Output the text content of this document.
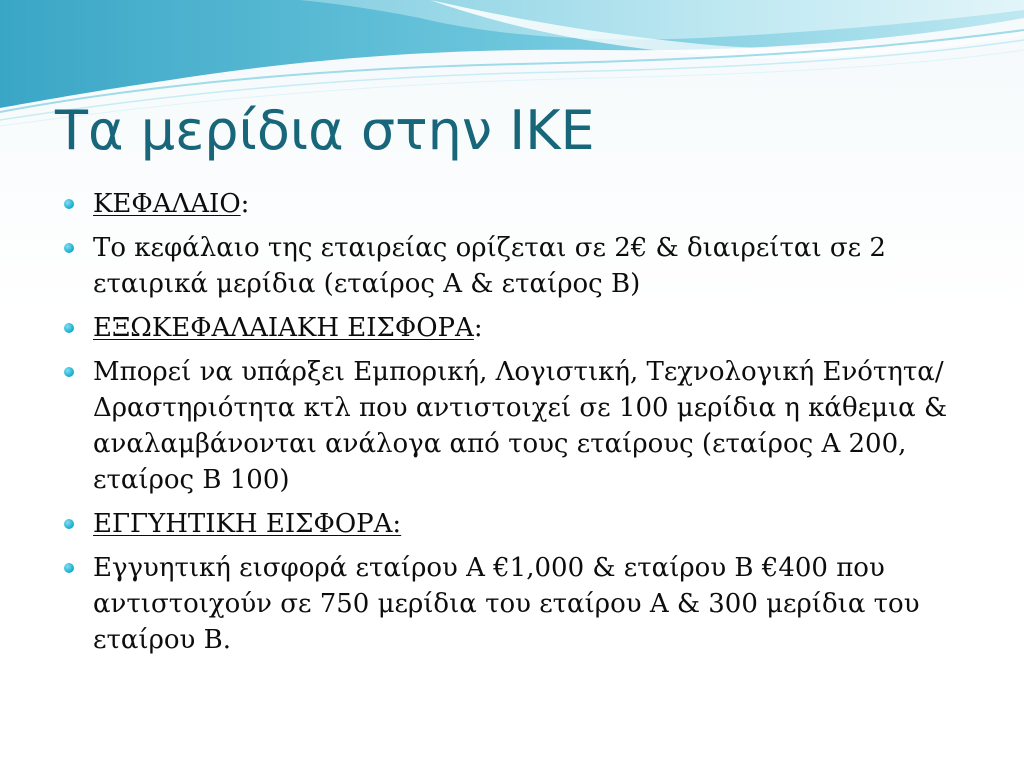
Τα μερίδια στην ΙΚΕ
ΚΕΦΑΛΑΙΟ:
Το κεφάλαιο της εταιρείας ορίζεται σε 2€ & διαιρείται σε 2 εταιρικά μερίδια (εταίρος Α & εταίρος Β)
ΕΞΩΚΕΦΑΛΑΙΑΚΗ ΕΙΣΦΟΡΑ:
Μπορεί να υπάρξει Εμπορική, Λογιστική, Τεχνολογική Ενότητα/Δραστηριότητα κτλ που αντιστοιχεί σε 100 μερίδια η κάθεμια & αναλαμβάνονται ανάλογα από τους εταίρους (εταίρος Α 200, εταίρος Β 100)
ΕΓΓΥΗΤΙΚΗ ΕΙΣΦΟΡΑ:
Εγγυητική εισφορά εταίρου Α €1,000 & εταίρου Β €400 που αντιστοιχούν σε 750 μερίδια του εταίρου Α & 300 μερίδια του εταίρου Β.
